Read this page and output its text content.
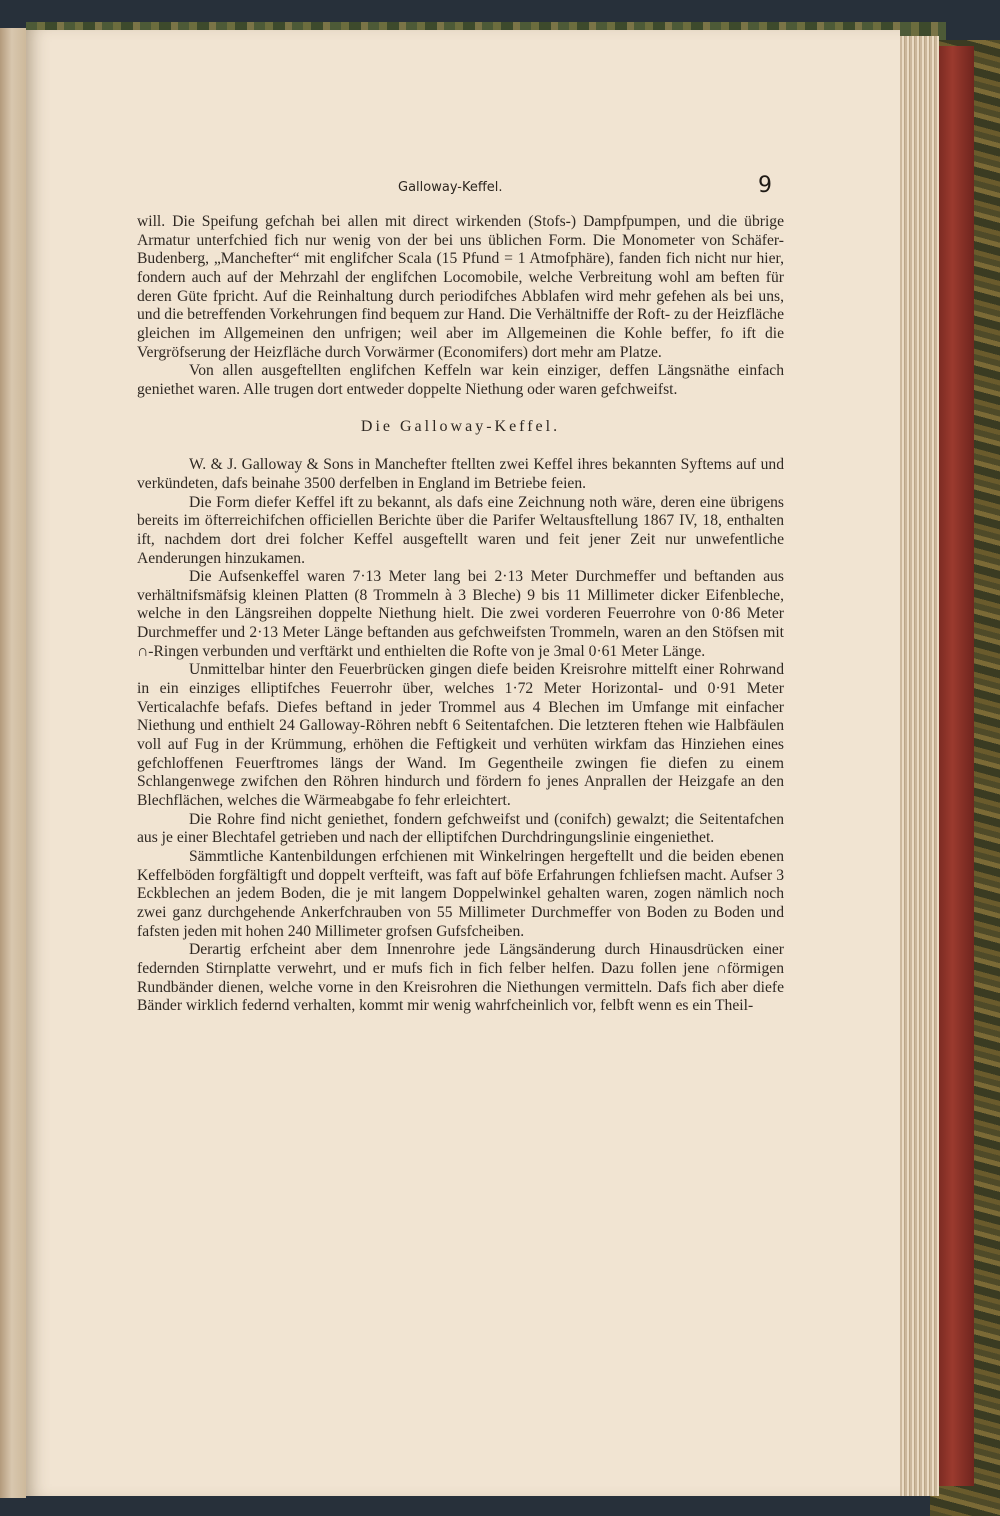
Galloway-Keffel.	9

will. Die Speifung gefchah bei allen mit direct wirkenden (Stofs-) Dampfpumpen, und die übrige Armatur unterfchied fich nur wenig von der bei uns üblichen Form. Die Monometer von Schäfer-Budenberg, „Manchefter“ mit englifcher Scala (15 Pfund = 1 Atmofphäre), fanden fich nicht nur hier, fondern auch auf der Mehrzahl der englifchen Locomobile, welche Verbreitung wohl am beften für deren Güte fpricht. Auf die Reinhaltung durch periodifches Abblafen wird mehr gefehen als bei uns, und die betreffenden Vorkehrungen find bequem zur Hand. Die Verhältniffe der Roft- zu der Heizfläche gleichen im Allgemeinen den unfrigen; weil aber im Allgemeinen die Kohle beffer, fo ift die Vergröfserung der Heizfläche durch Vorwärmer (Economifers) dort mehr am Platze.

Von allen ausgeftellten englifchen Keffeln war kein einziger, deffen Längsnäthe einfach geniethet waren. Alle trugen dort entweder doppelte Niethung oder waren gefchweifst.

Die Galloway-Keffel.

W. & J. Galloway & Sons in Manchefter ftellten zwei Keffel ihres bekannten Syftems auf und verkündeten, dafs beinahe 3500 derfelben in England im Betriebe feien.

Die Form diefer Keffel ift zu bekannt, als dafs eine Zeichnung noth wäre, deren eine übrigens bereits im öfterreichifchen officiellen Berichte über die Parifer Weltausftellung 1867 IV, 18, enthalten ift, nachdem dort drei folcher Keffel ausgeftellt waren und feit jener Zeit nur unwefentliche Aenderungen hinzukamen.

Die Aufsenkeffel waren 7·13 Meter lang bei 2·13 Meter Durchmeffer und beftanden aus verhältnifsmäfsig kleinen Platten (8 Trommeln à 3 Bleche) 9 bis 11 Millimeter dicker Eifenbleche, welche in den Längsreihen doppelte Niethung hielt. Die zwei vorderen Feuerrohre von 0·86 Meter Durchmeffer und 2·13 Meter Länge beftanden aus gefchweifsten Trommeln, waren an den Stöfsen mit ∩-Ringen verbunden und verftärkt und enthielten die Rofte von je 3mal 0·61 Meter Länge.

Unmittelbar hinter den Feuerbrücken gingen diefe beiden Kreisrohre mittelft einer Rohrwand in ein einziges elliptifches Feuerrohr über, welches 1·72 Meter Horizontal- und 0·91 Meter Verticalachfe befafs. Diefes beftand in jeder Trommel aus 4 Blechen im Umfange mit einfacher Niethung und enthielt 24 Galloway-Röhren nebft 6 Seitentafchen. Die letzteren ftehen wie Halbfäulen voll auf Fug in der Krümmung, erhöhen die Feftigkeit und verhüten wirkfam das Hinziehen eines gefchloffenen Feuerftromes längs der Wand. Im Gegentheile zwingen fie diefen zu einem Schlangenwege zwifchen den Röhren hindurch und fördern fo jenes Anprallen der Heizgafe an den Blechflächen, welches die Wärmeabgabe fo fehr erleichtert.

Die Rohre find nicht geniethet, fondern gefchweifst und (conifch) gewalzt; die Seitentafchen aus je einer Blechtafel getrieben und nach der elliptifchen Durchdringungslinie eingeniethet.

Sämmtliche Kantenbildungen erfchienen mit Winkelringen hergeftellt und die beiden ebenen Keffelböden forgfältigft und doppelt verfteift, was faft auf böfe Erfahrungen fchliefsen macht. Aufser 3 Eckblechen an jedem Boden, die je mit langem Doppelwinkel gehalten waren, zogen nämlich noch zwei ganz durchgehende Ankerfchrauben von 55 Millimeter Durchmeffer von Boden zu Boden und fafsten jeden mit hohen 240 Millimeter grofsen Gufsfcheiben.

Derartig erfcheint aber dem Innenrohre jede Längsänderung durch Hinausdrücken einer federnden Stirnplatte verwehrt, und er mufs fich in fich felber helfen. Dazu follen jene ∩förmigen Rundbänder dienen, welche vorne in den Kreisrohren die Niethungen vermitteln. Dafs fich aber diefe Bänder wirklich federnd verhalten, kommt mir wenig wahrfcheinlich vor, felbft wenn es ein Theil-
